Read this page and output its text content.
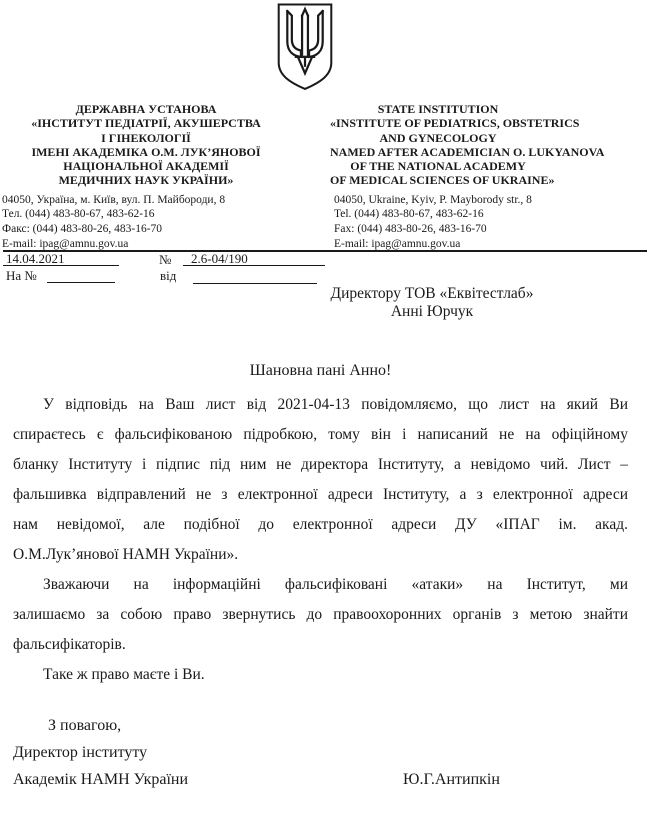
ДЕРЖАВНА УСТАНОВА
«ІНСТИТУТ ПЕДІАТРІЇ, АКУШЕРСТВА
І ГІНЕКОЛОГІЇ
ІМЕНІ АКАДЕМІКА О.М. ЛУК’ЯНОВОЇ
НАЦІОНАЛЬНОЇ АКАДЕМІЇ
МЕДИЧНИХ НАУК УКРАЇНИ»
04050, Україна, м. Київ, вул. П. Майбороди, 8
Тел. (044) 483-80-67, 483-62-16
Факс: (044) 483-80-26, 483-16-70
E-mail: ipag@amnu.gov.ua
STATE INSTITUTION
«INSTITUTE OF PEDIATRICS, OBSTETRICS
AND GYNECOLOGY
NAMED AFTER ACADEMICIAN O. LUKYANOVA
OF THE NATIONAL ACADEMY
OF MEDICAL SCIENCES OF UKRAINE»
04050, Ukraine, Kyiv, P. Mayborody str., 8
Tel. (044) 483-80-67, 483-62-16
Fax: (044) 483-80-26, 483-16-70
E-mail: ipag@amnu.gov.ua
14.04.2021	№	2.6-04/190
На №	від
Директору ТОВ «Еквітестлаб»
Анні Юрчук
Шановна пані Анно!
У відповідь на Ваш лист від 2021-04-13 повідомляємо, що лист на який Ви
спираєтесь є фальсифікованою підробкою, тому він і написаний не на офіційному
бланку Інституту і підпис під ним не директора Інституту, а невідомо чий. Лист –
фальшивка відправлений не з електронної адреси Інституту, а з електронної адреси
нам невідомої, але подібної до електронної адреси ДУ «ІПАГ ім. акад.
О.М.Лук’янової НАМН України».
Зважаючи на інформаційні фальсифіковані «атаки» на Інститут, ми
залишаємо за собою право звернутись до правоохоронних органів з метою знайти
фальсифікаторів.
Таке ж право маєте і Ви.
З повагою,
Директор інституту
Академік НАМН України	Ю.Г.Антипкін
